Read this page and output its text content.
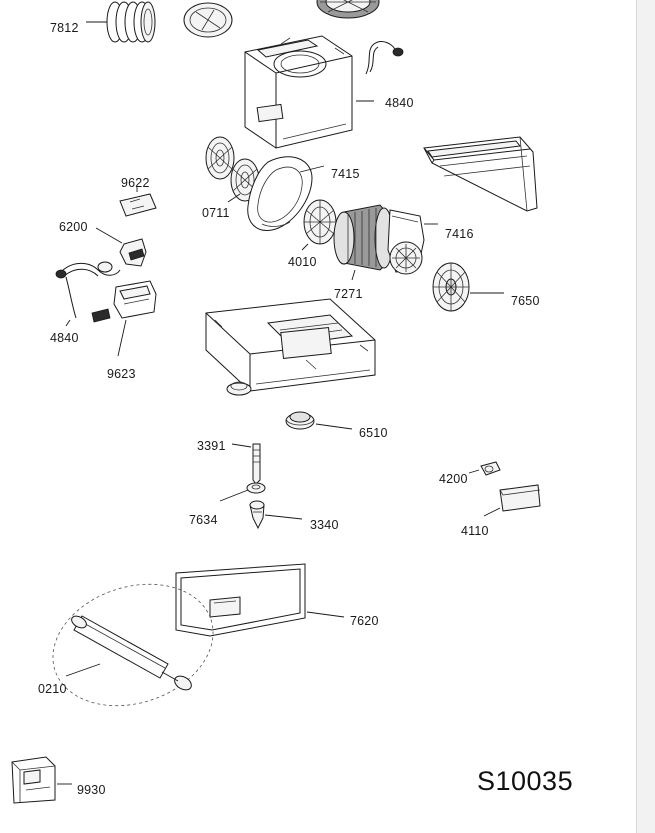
7812
4840
9622
7415
0711
6200	7416
4010
7271	7650
4840
9623
6510
3391
4200
7634	3340	4110
7620
0210
9930	S10035
